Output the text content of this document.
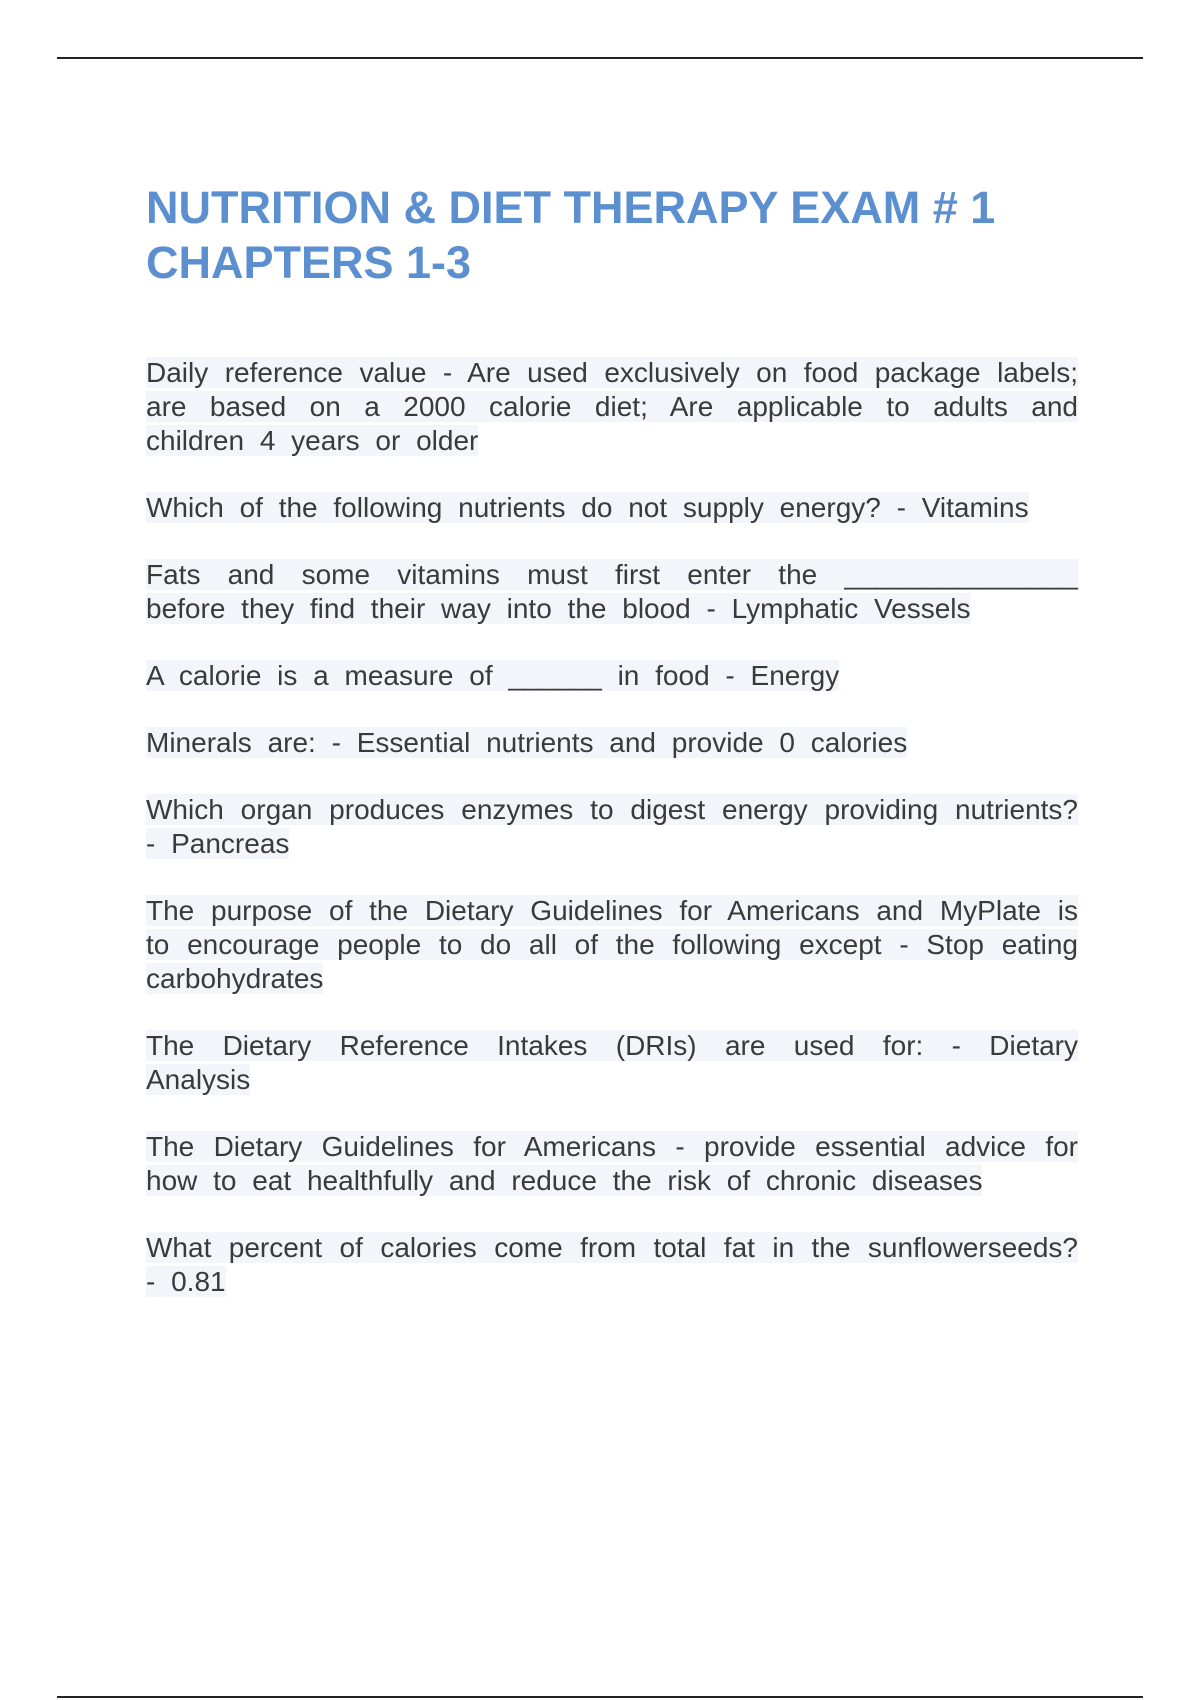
NUTRITION & DIET THERAPY EXAM # 1 CHAPTERS 1-3
Daily reference value - Are used exclusively on food package labels; are based on a 2000 calorie diet; Are applicable to adults and children 4 years or older
Which of the following nutrients do not supply energy? - Vitamins
Fats and some vitamins must first enter the _______________ before they find their way into the blood - Lymphatic Vessels
A calorie is a measure of ______ in food - Energy
Minerals are: - Essential nutrients and provide 0 calories
Which organ produces enzymes to digest energy providing nutrients? - Pancreas
The purpose of the Dietary Guidelines for Americans and MyPlate is to encourage people to do all of the following except - Stop eating carbohydrates
The Dietary Reference Intakes (DRIs) are used for: - Dietary Analysis
The Dietary Guidelines for Americans - provide essential advice for how to eat healthfully and reduce the risk of chronic diseases
What percent of calories come from total fat in the sunflowerseeds? - 0.81
